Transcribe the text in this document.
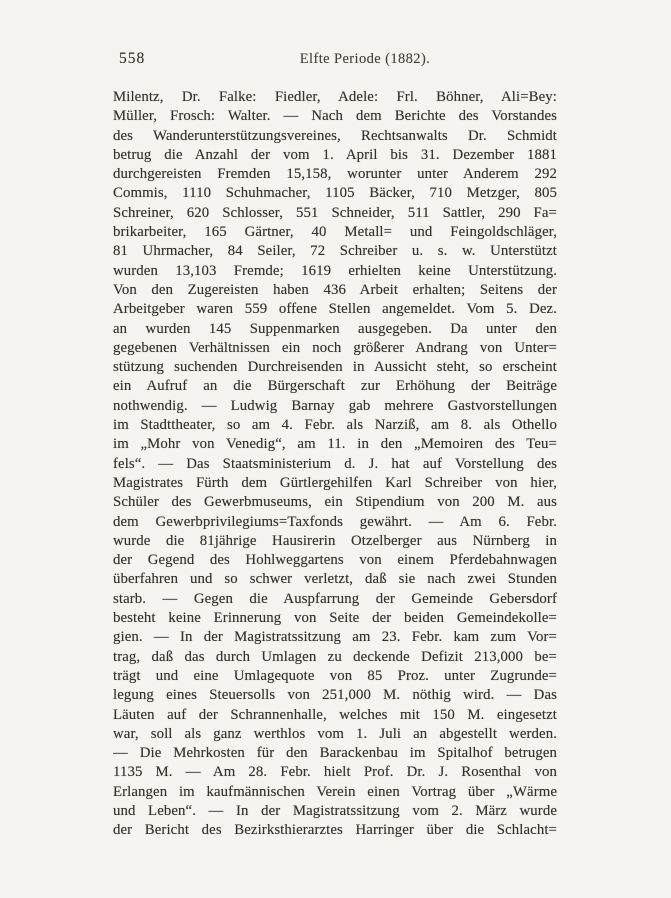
558	Elfte Periode (1882).
Milentz, Dr. Falke: Fiedler, Adele: Frl. Böhner, Ali=Bey:
Müller, Frosch: Walter. — Nach dem Berichte des Vorstandes
des Wanderunterstützungsvereines, Rechtsanwalts Dr. Schmidt
betrug die Anzahl der vom 1. April bis 31. Dezember 1881
durchgereisten Fremden 15,158, worunter unter Anderem 292
Commis, 1110 Schuhmacher, 1105 Bäcker, 710 Metzger, 805
Schreiner, 620 Schlosser, 551 Schneider, 511 Sattler, 290 Fa=
brikarbeiter, 165 Gärtner, 40 Metall= und Feingoldschläger,
81 Uhrmacher, 84 Seiler, 72 Schreiber u. s. w. Unterstützt
wurden 13,103 Fremde; 1619 erhielten keine Unterstützung.
Von den Zugereisten haben 436 Arbeit erhalten; Seitens der
Arbeitgeber waren 559 offene Stellen angemeldet. Vom 5. Dez.
an wurden 145 Suppenmarken ausgegeben. Da unter den
gegebenen Verhältnissen ein noch größerer Andrang von Unter=
stützung suchenden Durchreisenden in Aussicht steht, so erscheint
ein Aufruf an die Bürgerschaft zur Erhöhung der Beiträge
nothwendig. — Ludwig Barnay gab mehrere Gastvorstellungen
im Stadttheater, so am 4. Febr. als Narziß, am 8. als Othello
im „Mohr von Venedig“, am 11. in den „Memoiren des Teu=
fels“. — Das Staatsministerium d. J. hat auf Vorstellung des
Magistrates Fürth dem Gürtlergehilfen Karl Schreiber von hier,
Schüler des Gewerbmuseums, ein Stipendium von 200 M. aus
dem Gewerbprivilegiums=Taxfonds gewährt. — Am 6. Febr.
wurde die 81jährige Hausirerin Otzelberger aus Nürnberg in
der Gegend des Hohlweggartens von einem Pferdebahnwagen
überfahren und so schwer verletzt, daß sie nach zwei Stunden
starb. — Gegen die Auspfarrung der Gemeinde Gebersdorf
besteht keine Erinnerung von Seite der beiden Gemeindekolle=
gien. — In der Magistratssitzung am 23. Febr. kam zum Vor=
trag, daß das durch Umlagen zu deckende Defizit 213,000 be=
trägt und eine Umlagequote von 85 Proz. unter Zugrunde=
legung eines Steuersolls von 251,000 M. nöthig wird. — Das
Läuten auf der Schrannenhalle, welches mit 150 M. eingesetzt
war, soll als ganz werthlos vom 1. Juli an abgestellt werden.
— Die Mehrkosten für den Barackenbau im Spitalhof betrugen
1135 M. — Am 28. Febr. hielt Prof. Dr. J. Rosenthal von
Erlangen im kaufmännischen Verein einen Vortrag über „Wärme
und Leben“. — In der Magistratssitzung vom 2. März wurde
der Bericht des Bezirksthierarztes Harringer über die Schlacht=
